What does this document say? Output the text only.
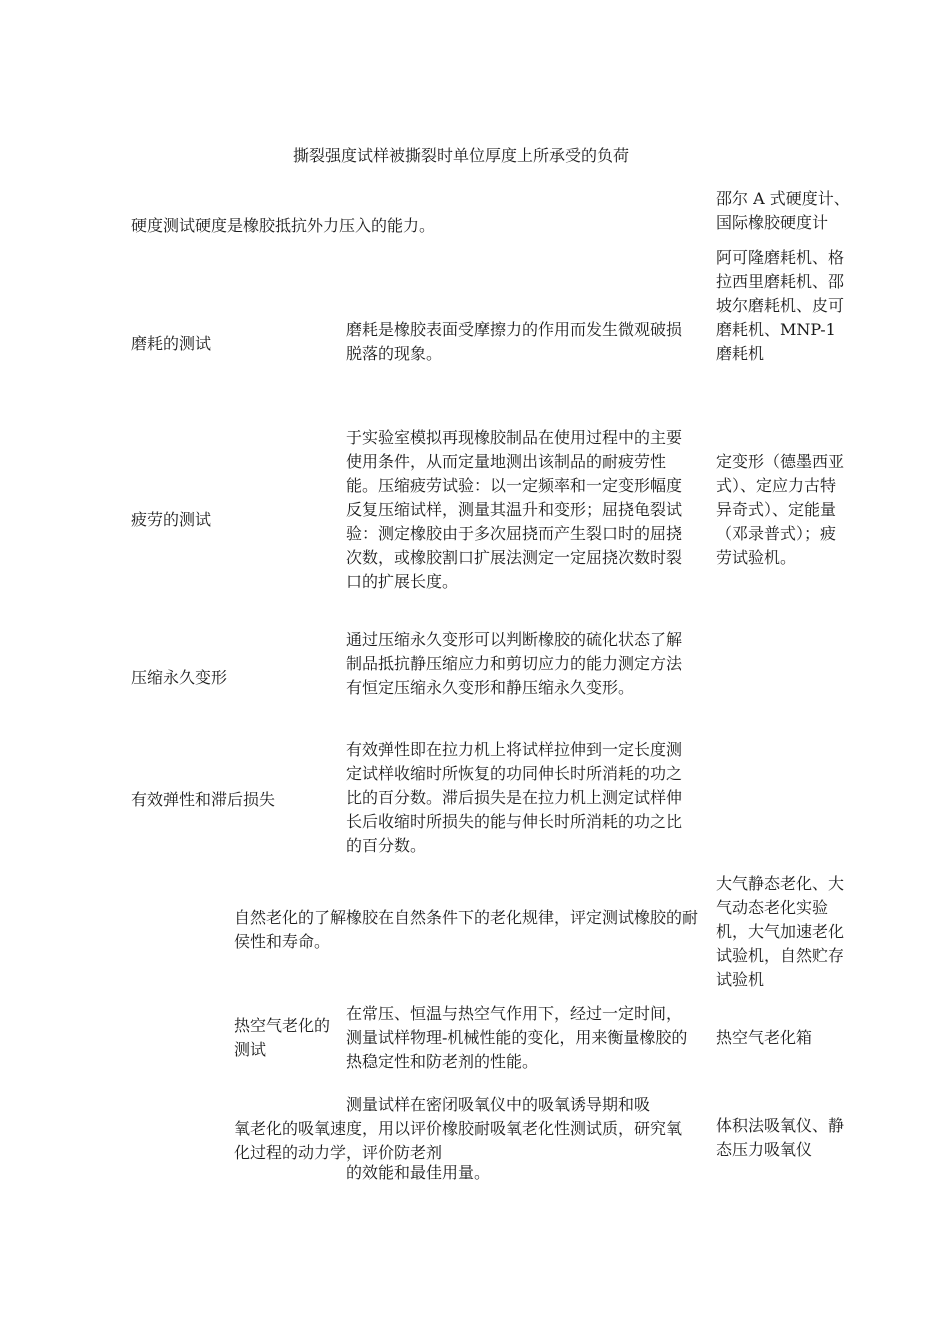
撕裂强度试样被撕裂时单位厚度上所承受的负荷

硬度测试硬度是橡胶抵抗外力压入的能力。

邵尔 A 式硬度计、国际橡胶硬度计

磨耗的测试

磨耗是橡胶表面受摩擦力的作用而发生微观破损脱落的现象。

阿可隆磨耗机、格拉西里磨耗机、邵坡尔磨耗机、皮可磨耗机、MNP-1 磨耗机

疲劳的测试

于实验室模拟再现橡胶制品在使用过程中的主要使用条件，从而定量地测出该制品的耐疲劳性能。压缩疲劳试验：以一定频率和一定变形幅度反复压缩试样，测量其温升和变形；屈挠龟裂试验：测定橡胶由于多次屈挠而产生裂口时的屈挠次数，或橡胶割口扩展法测定一定屈挠次数时裂口的扩展长度。

定变形（德墨西亚式）、定应力古特异奇式）、定能量（邓录普式）；疲劳试验机。

压缩永久变形

通过压缩永久变形可以判断橡胶的硫化状态了解制品抵抗静压缩应力和剪切应力的能力测定方法有恒定压缩永久变形和静压缩永久变形。

有效弹性和滞后损失

有效弹性即在拉力机上将试样拉伸到一定长度测定试样收缩时所恢复的功同伸长时所消耗的功之比的百分数。滞后损失是在拉力机上测定试样伸长后收缩时所损失的能与伸长时所消耗的功之比的百分数。

自然老化的了解橡胶在自然条件下的老化规律，评定测试橡胶的耐侯性和寿命。

大气静态老化、大气动态老化实验机，大气加速老化试验机，自然贮存试验机

热空气老化的测试

在常压、恒温与热空气作用下，经过一定时间，测量试样物理-机械性能的变化，用来衡量橡胶的热稳定性和防老剂的性能。

热空气老化箱

测量试样在密闭吸氧仪中的吸氧诱导期和吸

氧老化的吸氧速度，用以评价橡胶耐吸氧老化性测试质，研究氧化过程的动力学，评价防老剂

的效能和最佳用量。

体积法吸氧仪、静态压力吸氧仪
